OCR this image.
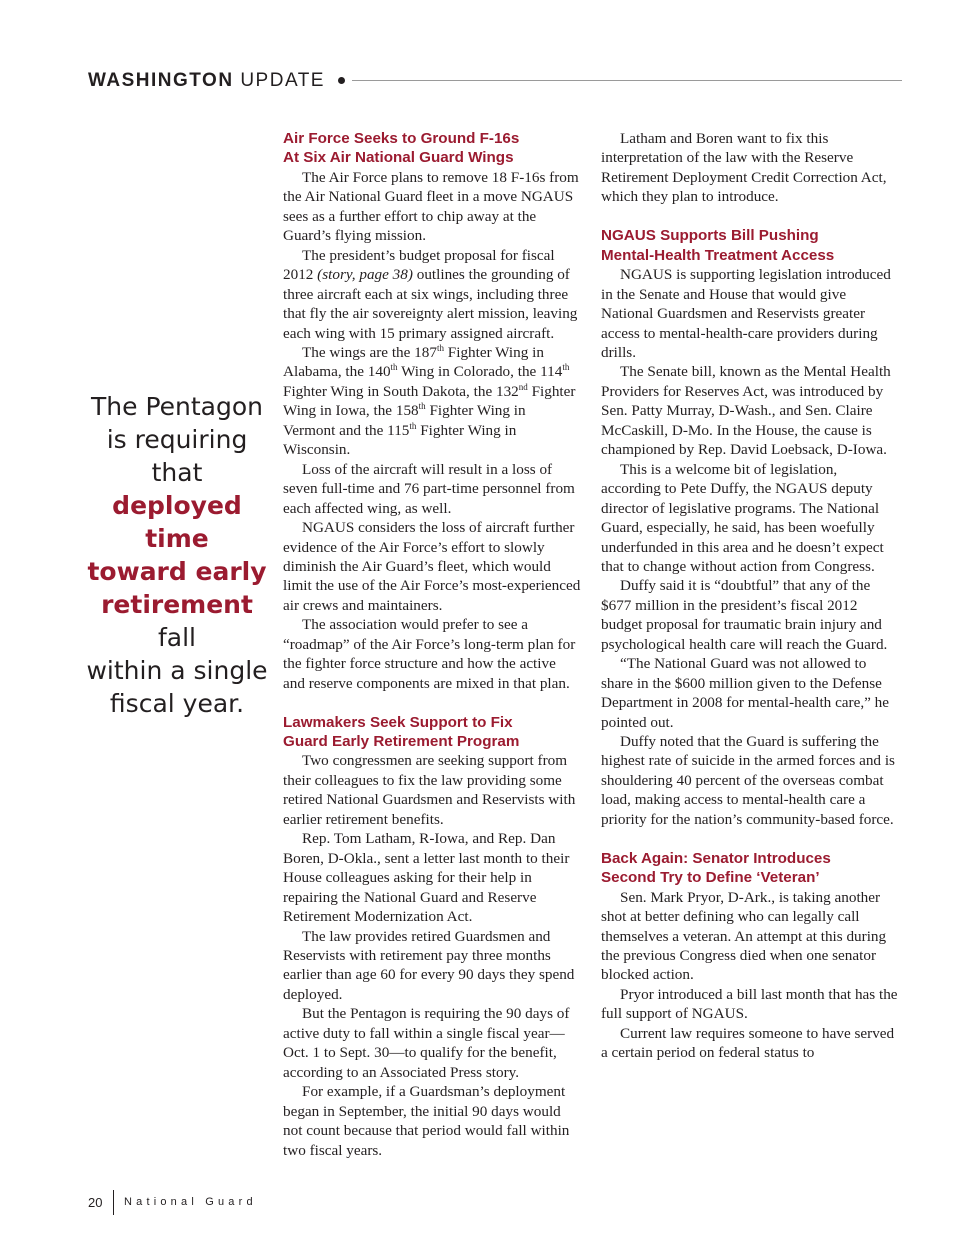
WASHINGTON UPDATE
The Pentagon
is requiring that
deployed time
toward early
retirement fall
within a single
fiscal year.
Air Force Seeks to Ground F-16s
At Six Air National Guard Wings

The Air Force plans to remove 18 F-16s from the Air National Guard fleet in a move NGAUS sees as a further effort to chip away at the Guard’s flying mission.

The president’s budget proposal for fiscal 2012 (story, page 38) outlines the grounding of three aircraft each at six wings, including three that fly the air sovereignty alert mission, leaving each wing with 15 primary assigned aircraft.

The wings are the 187th Fighter Wing in Alabama, the 140th Wing in Colorado, the 114th Fighter Wing in South Dakota, the 132nd Fighter Wing in Iowa, the 158th Fighter Wing in Vermont and the 115th Fighter Wing in Wisconsin.

Loss of the aircraft will result in a loss of seven full-time and 76 part-time personnel from each affected wing, as well.

NGAUS considers the loss of aircraft further evidence of the Air Force’s effort to slowly diminish the Air Guard’s fleet, which would limit the use of the Air Force’s most-experienced air crews and maintainers.

The association would prefer to see a “roadmap” of the Air Force’s long-term plan for the fighter force structure and how the active and reserve components are mixed in that plan.

Lawmakers Seek Support to Fix
Guard Early Retirement Program

Two congressmen are seeking support from their colleagues to fix the law providing some retired National Guardsmen and Reservists with earlier retirement benefits.

Rep. Tom Latham, R-Iowa, and Rep. Dan Boren, D-Okla., sent a letter last month to their House colleagues asking for their help in repairing the National Guard and Reserve Retirement Modernization Act.

The law provides retired Guardsmen and Reservists with retirement pay three months earlier than age 60 for every 90 days they spend deployed.

But the Pentagon is requiring the 90 days of active duty to fall within a single fiscal year—Oct. 1 to Sept. 30—to qualify for the benefit, according to an Associated Press story.

For example, if a Guardsman’s deployment began in September, the initial 90 days would not count because that period would fall within two fiscal years.

Latham and Boren want to fix this interpretation of the law with the Reserve Retirement Deployment Credit Correction Act, which they plan to introduce.

NGAUS Supports Bill Pushing
Mental-Health Treatment Access

NGAUS is supporting legislation introduced in the Senate and House that would give National Guardsmen and Reservists greater access to mental-health-care providers during drills.

The Senate bill, known as the Mental Health Providers for Reserves Act, was introduced by Sen. Patty Murray, D-Wash., and Sen. Claire McCaskill, D-Mo. In the House, the cause is championed by Rep. David Loebsack, D-Iowa.

This is a welcome bit of legislation, according to Pete Duffy, the NGAUS deputy director of legislative programs. The National Guard, especially, he said, has been woefully underfunded in this area and he doesn’t expect that to change without action from Congress.

Duffy said it is “doubtful” that any of the $677 million in the president’s fiscal 2012 budget proposal for traumatic brain injury and psychological health care will reach the Guard.

“The National Guard was not allowed to share in the $600 million given to the Defense Department in 2008 for mental-health care,” he pointed out.

Duffy noted that the Guard is suffering the highest rate of suicide in the armed forces and is shouldering 40 percent of the overseas combat load, making access to mental-health care a priority for the nation’s community-based force.

Back Again: Senator Introduces
Second Try to Define ‘Veteran’

Sen. Mark Pryor, D-Ark., is taking another shot at better defining who can legally call themselves a veteran. An attempt at this during the previous Congress died when one senator blocked action.

Pryor introduced a bill last month that has the full support of NGAUS.

Current law requires someone to have served a certain period on federal status to

20 National Guard
